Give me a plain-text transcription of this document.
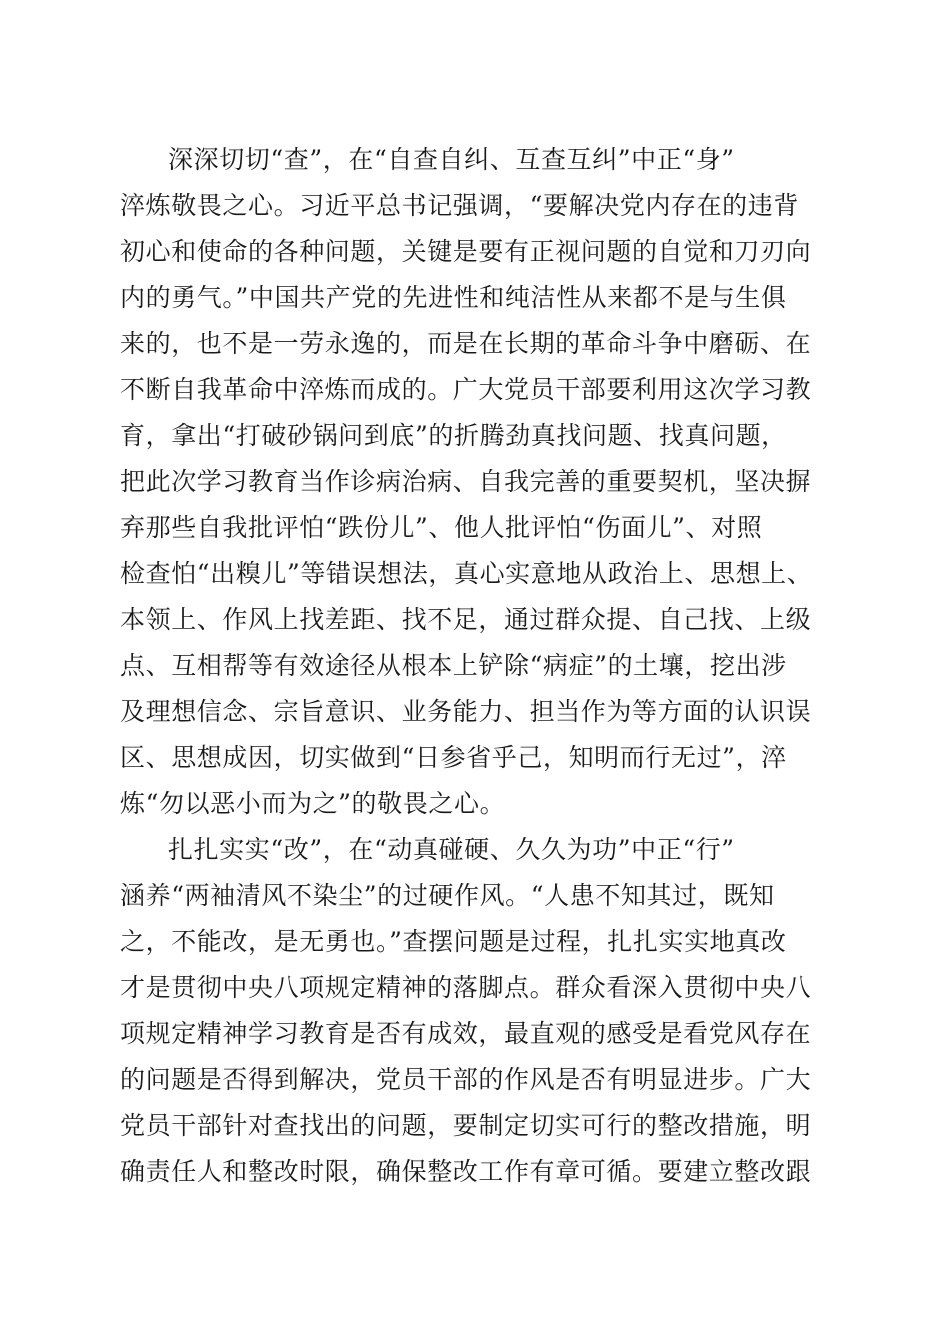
深深切切“查”，在“自查自纠、互查互纠”中正“身”
淬炼敬畏之心。习近平总书记强调，“要解决党内存在的违背
初心和使命的各种问题，关键是要有正视问题的自觉和刀刃向
内的勇气。”中国共产党的先进性和纯洁性从来都不是与生俱
来的，也不是一劳永逸的，而是在长期的革命斗争中磨砺、在
不断自我革命中淬炼而成的。广大党员干部要利用这次学习教
育，拿出“打破砂锅问到底”的折腾劲真找问题、找真问题，
把此次学习教育当作诊病治病、自我完善的重要契机，坚决摒
弃那些自我批评怕“跌份儿”、他人批评怕“伤面儿”、对照
检查怕“出糗儿”等错误想法，真心实意地从政治上、思想上、
本领上、作风上找差距、找不足，通过群众提、自己找、上级
点、互相帮等有效途径从根本上铲除“病症”的土壤，挖出涉
及理想信念、宗旨意识、业务能力、担当作为等方面的认识误
区、思想成因，切实做到“日参省乎己，知明而行无过”，淬
炼“勿以恶小而为之”的敬畏之心。
扎扎实实“改”，在“动真碰硬、久久为功”中正“行”
涵养“两袖清风不染尘”的过硬作风。“人患不知其过，既知
之，不能改，是无勇也。”查摆问题是过程，扎扎实实地真改
才是贯彻中央八项规定精神的落脚点。群众看深入贯彻中央八
项规定精神学习教育是否有成效，最直观的感受是看党风存在
的问题是否得到解决，党员干部的作风是否有明显进步。广大
党员干部针对查找出的问题，要制定切实可行的整改措施，明
确责任人和整改时限，确保整改工作有章可循。要建立整改跟
